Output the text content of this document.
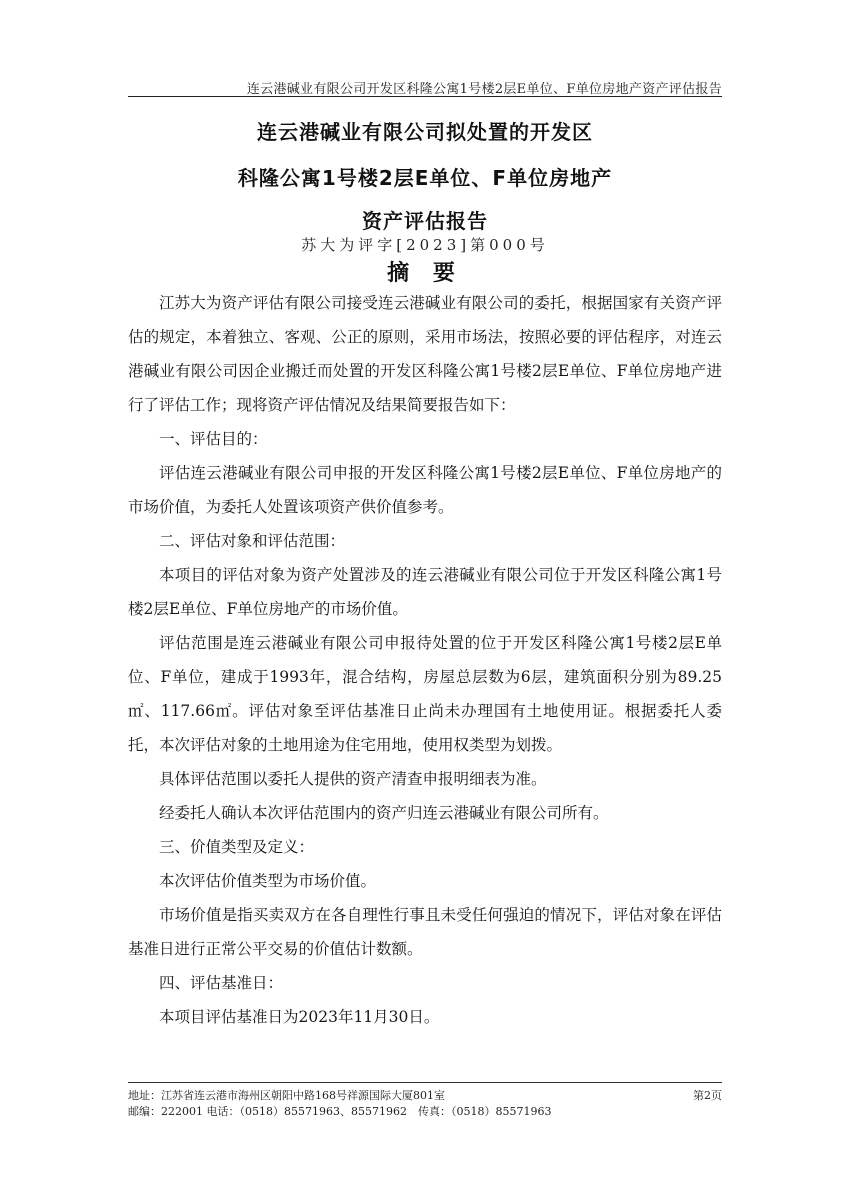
连云港碱业有限公司开发区科隆公寓1号楼2层E单位、F单位房地产资产评估报告
连云港碱业有限公司拟处置的开发区
科隆公寓1号楼2层E单位、F单位房地产
资产评估报告
苏大为评字[2023]第000号
摘 要

江苏大为资产评估有限公司接受连云港碱业有限公司的委托，根据国家有关资产评估的规定，本着独立、客观、公正的原则，采用市场法，按照必要的评估程序，对连云港碱业有限公司因企业搬迁而处置的开发区科隆公寓1号楼2层E单位、F单位房地产进行了评估工作；现将资产评估情况及结果简要报告如下：

一、评估目的：

评估连云港碱业有限公司申报的开发区科隆公寓1号楼2层E单位、F单位房地产的市场价值，为委托人处置该项资产供价值参考。

二、评估对象和评估范围：

本项目的评估对象为资产处置涉及的连云港碱业有限公司位于开发区科隆公寓1号楼2层E单位、F单位房地产的市场价值。

评估范围是连云港碱业有限公司申报待处置的位于开发区科隆公寓1号楼2层E单位、F单位，建成于1993年，混合结构，房屋总层数为6层，建筑面积分别为89.25㎡、117.66㎡。评估对象至评估基准日止尚未办理国有土地使用证。根据委托人委托，本次评估对象的土地用途为住宅用地，使用权类型为划拨。

具体评估范围以委托人提供的资产清查申报明细表为准。

经委托人确认本次评估范围内的资产归连云港碱业有限公司所有。

三、价值类型及定义：

本次评估价值类型为市场价值。

市场价值是指买卖双方在各自理性行事且未受任何强迫的情况下，评估对象在评估基准日进行正常公平交易的价值估计数额。

四、评估基准日：

本项目评估基准日为2023年11月30日。

地址：江苏省连云港市海州区朝阳中路168号祥源国际大厦801室
邮编：222001 电话：（0518）85571963、85571962　传真：（0518）85571963
第2页
